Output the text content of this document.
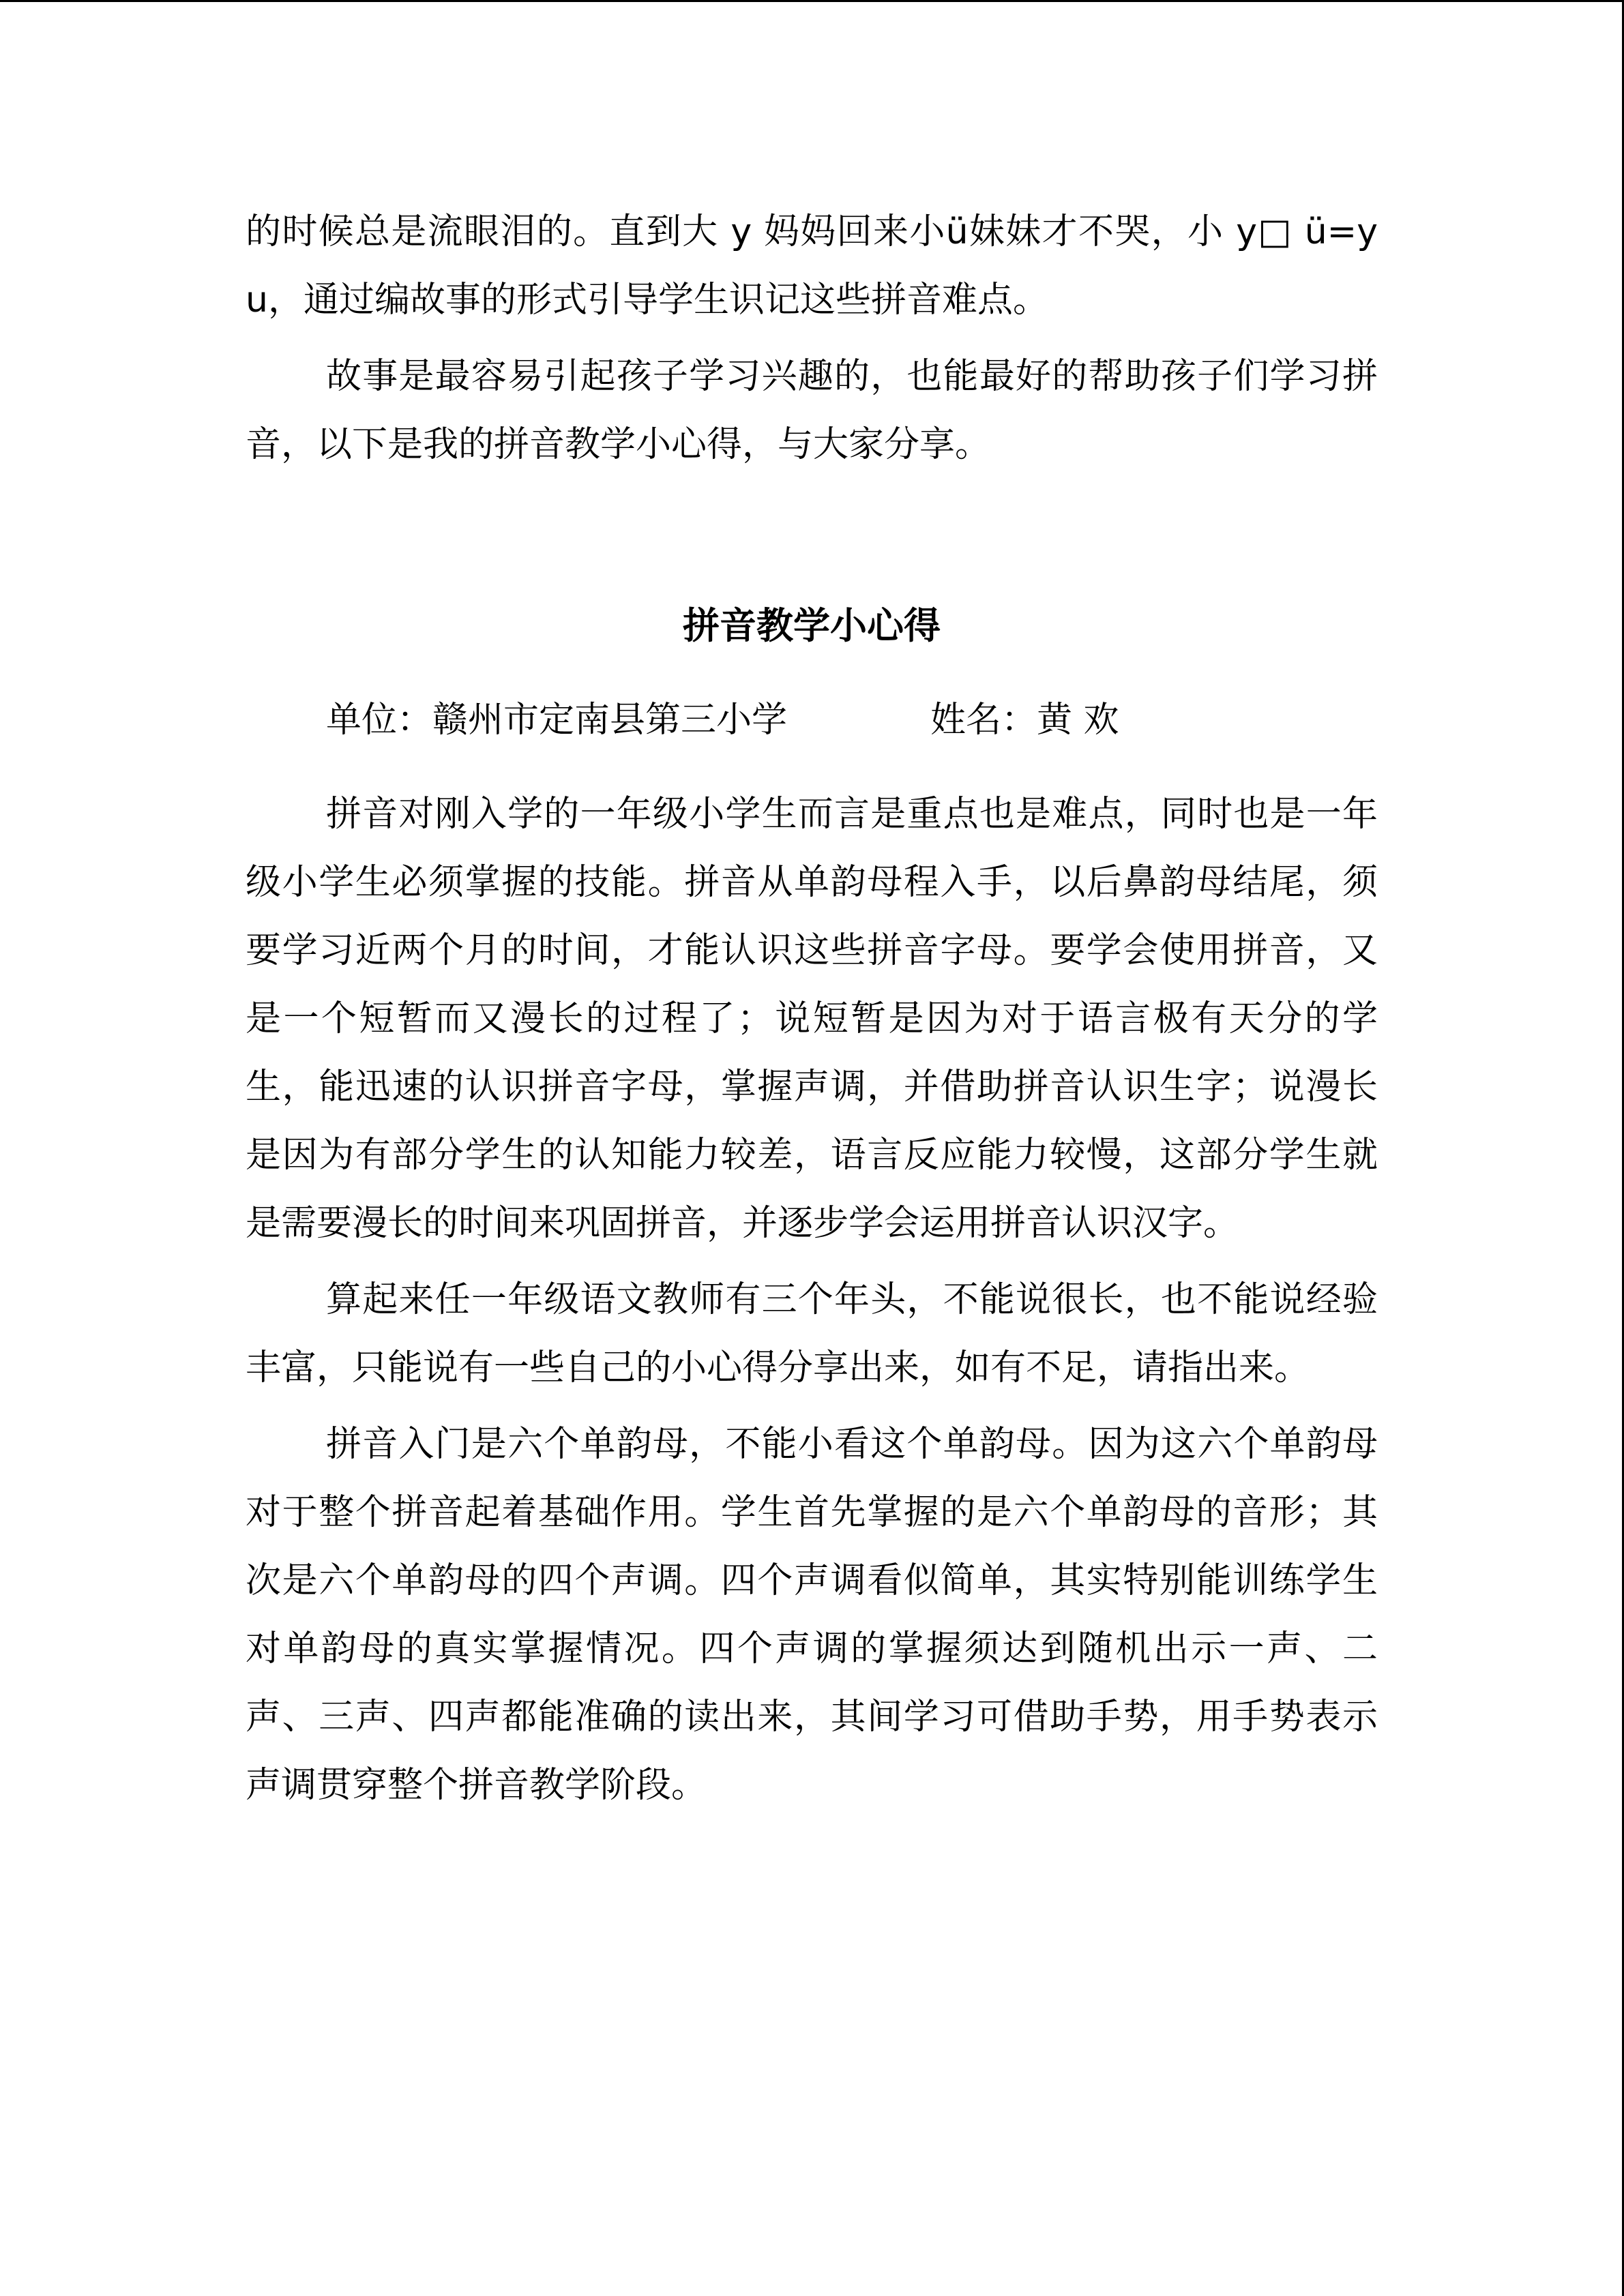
的时候总是流眼泪的。直到大 y 妈妈回来小ü妹妹才不哭，小 y□ ü=yu，通过编故事的形式引导学生识记这些拼音难点。

故事是最容易引起孩子学习兴趣的，也能最好的帮助孩子们学习拼音，以下是我的拼音教学小心得，与大家分享。

拼音教学小心得
单位：赣州市定南县第三小学	姓名：黄 欢

拼音对刚入学的一年级小学生而言是重点也是难点，同时也是一年级小学生必须掌握的技能。拼音从单韵母程入手，以后鼻韵母结尾，须要学习近两个月的时间，才能认识这些拼音字母。要学会使用拼音，又是一个短暂而又漫长的过程了；说短暂是因为对于语言极有天分的学生，能迅速的认识拼音字母，掌握声调，并借助拼音认识生字；说漫长是因为有部分学生的认知能力较差，语言反应能力较慢，这部分学生就是需要漫长的时间来巩固拼音，并逐步学会运用拼音认识汉字。

算起来任一年级语文教师有三个年头，不能说很长，也不能说经验丰富，只能说有一些自己的小心得分享出来，如有不足，请指出来。

拼音入门是六个单韵母，不能小看这个单韵母。因为这六个单韵母对于整个拼音起着基础作用。学生首先掌握的是六个单韵母的音形；其次是六个单韵母的四个声调。四个声调看似简单，其实特别能训练学生对单韵母的真实掌握情况。四个声调的掌握须达到随机出示一声、二声、三声、四声都能准确的读出来，其间学习可借助手势，用手势表示声调贯穿整个拼音教学阶段。
